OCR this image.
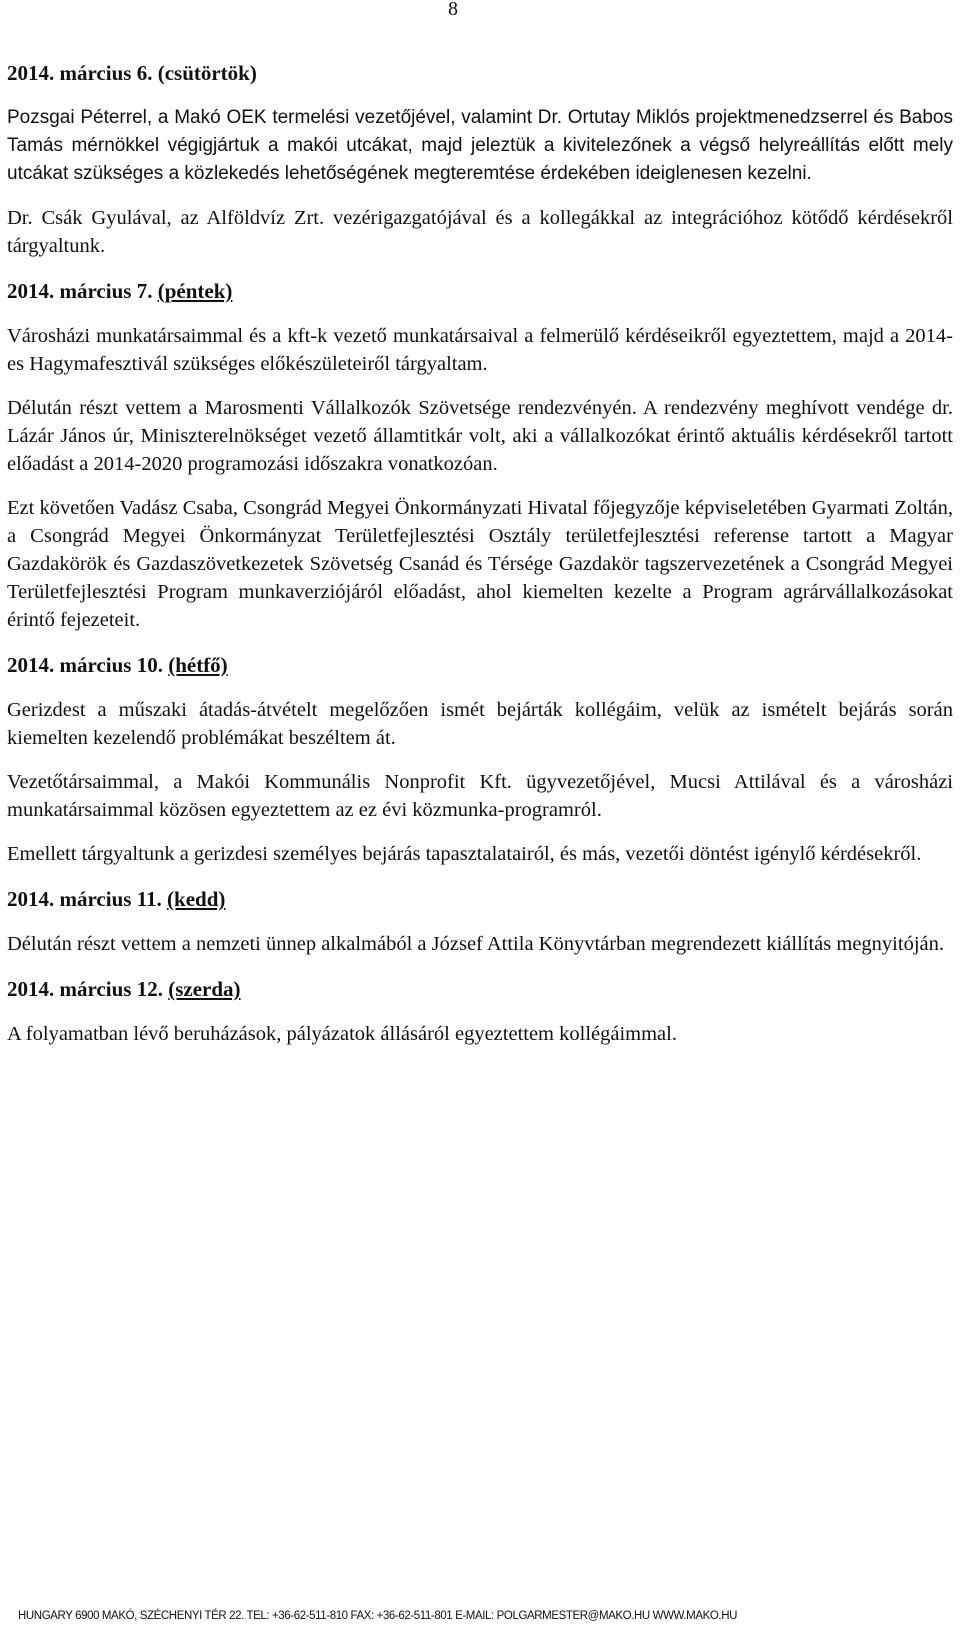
8
2014. március 6. (csütörtök)

Pozsgai Péterrel, a Makó OEK termelési vezetőjével, valamint Dr. Ortutay Miklós projektmenedzserrel és Babos Tamás mérnökkel végigjártuk a makói utcákat, majd jeleztük a kivitelezőnek a végső helyreállítás előtt mely utcákat szükséges a közlekedés lehetőségének megteremtése érdekében ideiglenesen kezelni.

Dr. Csák Gyulával, az Alföldvíz Zrt. vezérigazgatójával és a kollegákkal az integrációhoz kötődő kérdésekről tárgyaltunk.

2014. március 7. (péntek)

Városházi munkatársaimmal és a kft-k vezető munkatársaival a felmerülő kérdéseikről egyeztettem, majd a 2014-es Hagymafesztivál szükséges előkészületeiről tárgyaltam.

Délután részt vettem a Marosmenti Vállalkozók Szövetsége rendezvényén. A rendezvény meghívott vendége dr. Lázár János úr, Miniszterelnökséget vezető államtitkár volt, aki a vállalkozókat érintő aktuális kérdésekről tartott előadást a 2014-2020 programozási időszakra vonatkozóan.

Ezt követően Vadász Csaba, Csongrád Megyei Önkormányzati Hivatal főjegyzője képviseletében Gyarmati Zoltán, a Csongrád Megyei Önkormányzat Területfejlesztési Osztály területfejlesztési referense tartott a Magyar Gazdakörök és Gazdaszövetkezetek Szövetség Csanád és Térsége Gazdakör tagszervezetének a Csongrád Megyei Területfejlesztési Program munkaverziójáról előadást, ahol kiemelten kezelte a Program agrárvállalkozásokat érintő fejezeteit.

2014. március 10. (hétfő)

Gerizdest a műszaki átadás-átvételt megelőzően ismét bejárták kollégáim, velük az ismételt bejárás során kiemelten kezelendő problémákat beszéltem át.

Vezetőtársaimmal, a Makói Kommunális Nonprofit Kft. ügyvezetőjével, Mucsi Attilával és a városházi munkatársaimmal közösen egyeztettem az ez évi közmunka-programról.

Emellett tárgyaltunk a gerizdesi személyes bejárás tapasztalatairól, és más, vezetői döntést igénylő kérdésekről.

2014. március 11. (kedd)

Délután részt vettem a nemzeti ünnep alkalmából a József Attila Könyvtárban megrendezett kiállítás megnyitóján.

2014. március 12. (szerda)

A folyamatban lévő beruházások, pályázatok állásáról egyeztettem kollégáimmal.

HUNGARY 6900 MAKÓ, SZÉCHENYI TÉR 22. TEL: +36-62-511-810 FAX: +36-62-511-801 E-MAIL: POLGARMESTER@MAKO.HU WWW.MAKO.HU
